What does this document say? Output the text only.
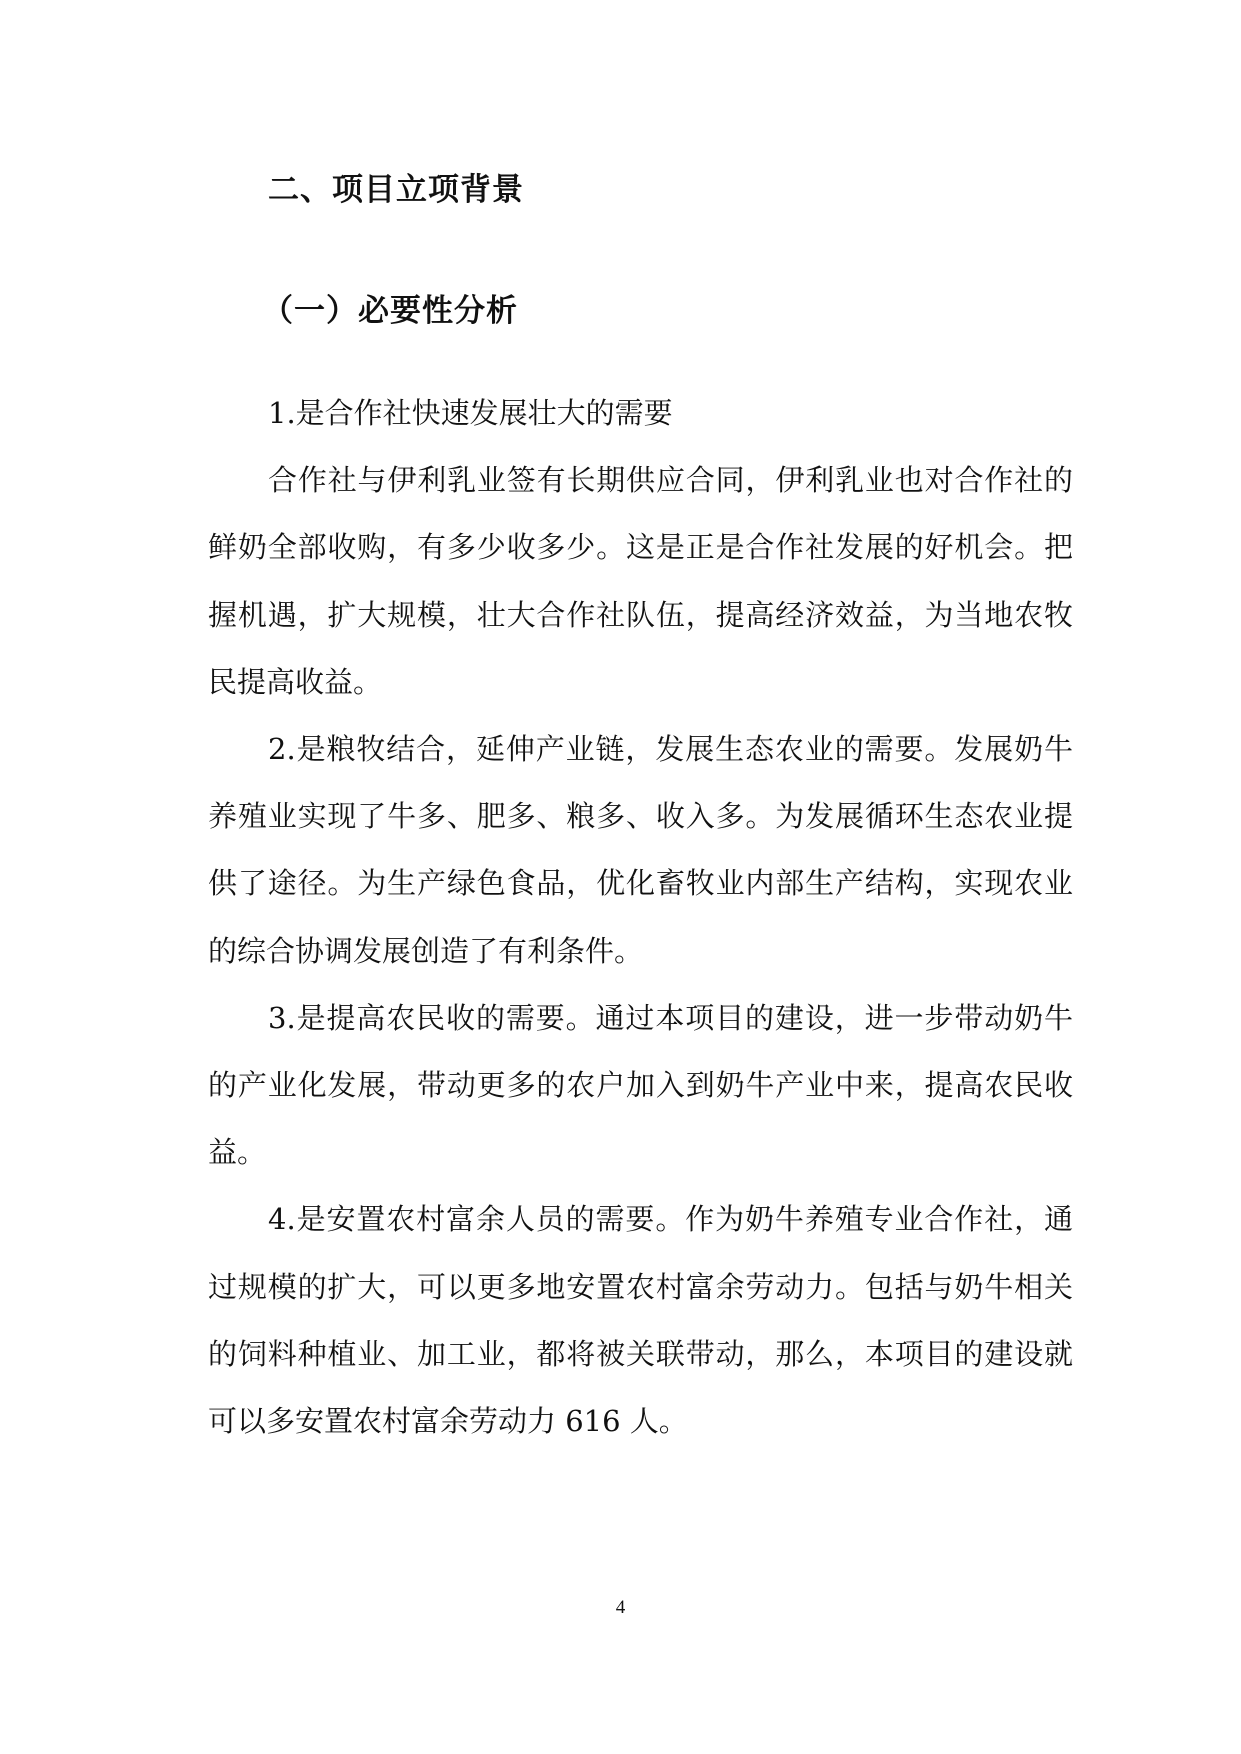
二、项目立项背景
（一）必要性分析

1.是合作社快速发展壮大的需要

合作社与伊利乳业签有长期供应合同，伊利乳业也对合作社的鲜奶全部收购，有多少收多少。这是正是合作社发展的好机会。把握机遇，扩大规模，壮大合作社队伍，提高经济效益，为当地农牧民提高收益。

2.是粮牧结合，延伸产业链，发展生态农业的需要。发展奶牛养殖业实现了牛多、肥多、粮多、收入多。为发展循环生态农业提供了途径。为生产绿色食品，优化畜牧业内部生产结构，实现农业的综合协调发展创造了有利条件。

3.是提高农民收的需要。通过本项目的建设，进一步带动奶牛的产业化发展，带动更多的农户加入到奶牛产业中来，提高农民收益。

4.是安置农村富余人员的需要。作为奶牛养殖专业合作社，通过规模的扩大，可以更多地安置农村富余劳动力。包括与奶牛相关的饲料种植业、加工业，都将被关联带动，那么，本项目的建设就可以多安置农村富余劳动力 616 人。

4
